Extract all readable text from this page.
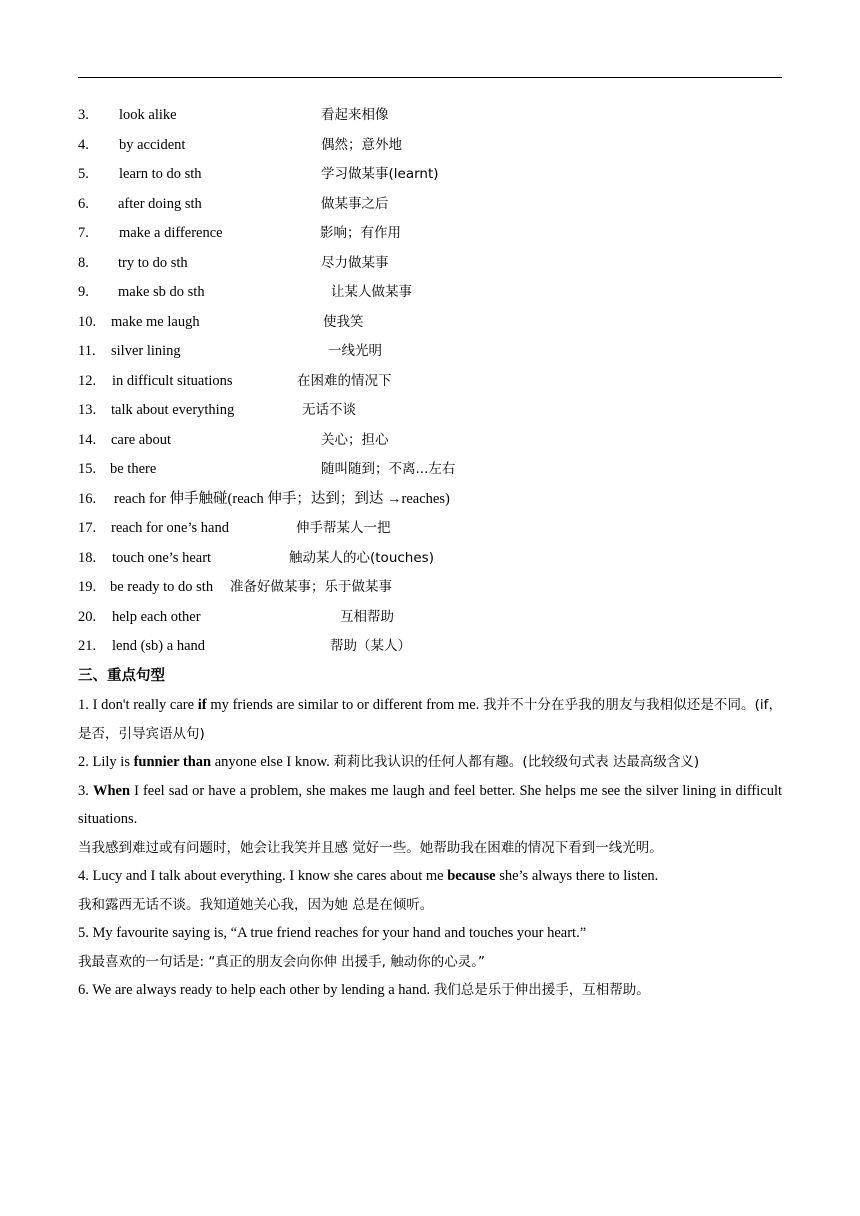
3. look alike	看起来相像
4. by accident	偶然；意外地
5. learn to do sth	学习做某事(learnt)
6. after doing sth	做某事之后
7. make a difference	影响；有作用
8. try to do sth	尽力做某事
9. make sb do sth	让某人做某事
10. make me laugh	使我笑
11. silver lining	一线光明
12. in difficult situations	在困难的情况下
13. talk about everything	无话不谈
14. care about	关心；担心
15. be there	随叫随到；不离...左右
16. reach for 伸手触碰(reach 伸手；达到；到达 →reaches)
17. reach for one’s hand	伸手帮某人一把
18. touch one’s heart	触动某人的心(touches)
19. be ready to do sth 准备好做某事；乐于做某事
20. help each other	互相帮助
21. lend (sb) a hand	帮助（某人）
三、重点句型
1. I don't really care if my friends are similar to or different from me. 我并不十分在乎我的朋友与我相似还是不同。(if，是否，引导宾语从句)
2. Lily is funnier than anyone else I know. 莉莉比我认识的任何人都有趣。(比较级句式表 达最高级含义)
3. When I feel sad or have a problem, she makes me laugh and feel better. She helps me see the silver lining in difficult situations.
当我感到难过或有问题时，她会让我笑并且感 觉好一些。她帮助我在困难的情况下看到一线光明。
4. Lucy and I talk about everything. I know she cares about me because she’s always there to listen.
我和露西无话不谈。我知道她关心我，因为她 总是在倾听。
5. My favourite saying is, “A true friend reaches for your hand and touches your heart.”
我最喜欢的一句话是: “真正的朋友会向你伸 出援手, 触动你的心灵。”
6. We are always ready to help each other by lending a hand. 我们总是乐于伸出援手，互相帮助。
